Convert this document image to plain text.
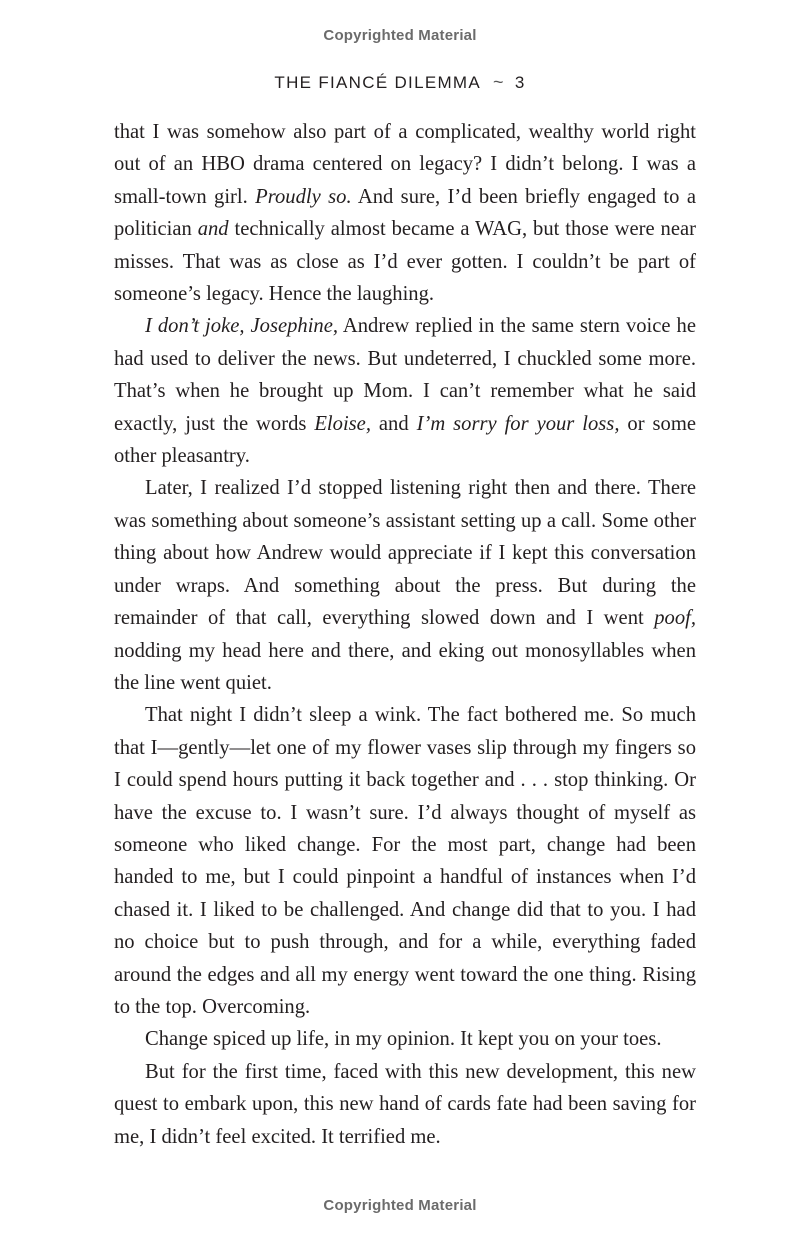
Copyrighted Material
THE FIANCÉ DILEMMA ~ 3

that I was somehow also part of a complicated, wealthy world right out of an HBO drama centered on legacy? I didn’t belong. I was a small-town girl. Proudly so. And sure, I’d been briefly engaged to a politician and technically almost became a WAG, but those were near misses. That was as close as I’d ever gotten. I couldn’t be part of someone’s legacy. Hence the laughing.

I don’t joke, Josephine, Andrew replied in the same stern voice he had used to deliver the news. But undeterred, I chuckled some more. That’s when he brought up Mom. I can’t remember what he said exactly, just the words Eloise, and I’m sorry for your loss, or some other pleasantry.

Later, I realized I’d stopped listening right then and there. There was something about someone’s assistant setting up a call. Some other thing about how Andrew would appreciate if I kept this conversation under wraps. And something about the press. But during the remainder of that call, everything slowed down and I went poof, nodding my head here and there, and eking out monosyllables when the line went quiet.

That night I didn’t sleep a wink. The fact bothered me. So much that I—gently—let one of my flower vases slip through my fingers so I could spend hours putting it back together and . . . stop thinking. Or have the excuse to. I wasn’t sure. I’d always thought of myself as someone who liked change. For the most part, change had been handed to me, but I could pinpoint a handful of instances when I’d chased it. I liked to be challenged. And change did that to you. I had no choice but to push through, and for a while, everything faded around the edges and all my energy went toward the one thing. Rising to the top. Overcoming.

Change spiced up life, in my opinion. It kept you on your toes.

But for the first time, faced with this new development, this new quest to embark upon, this new hand of cards fate had been saving for me, I didn’t feel excited. It terrified me.

Copyrighted Material
